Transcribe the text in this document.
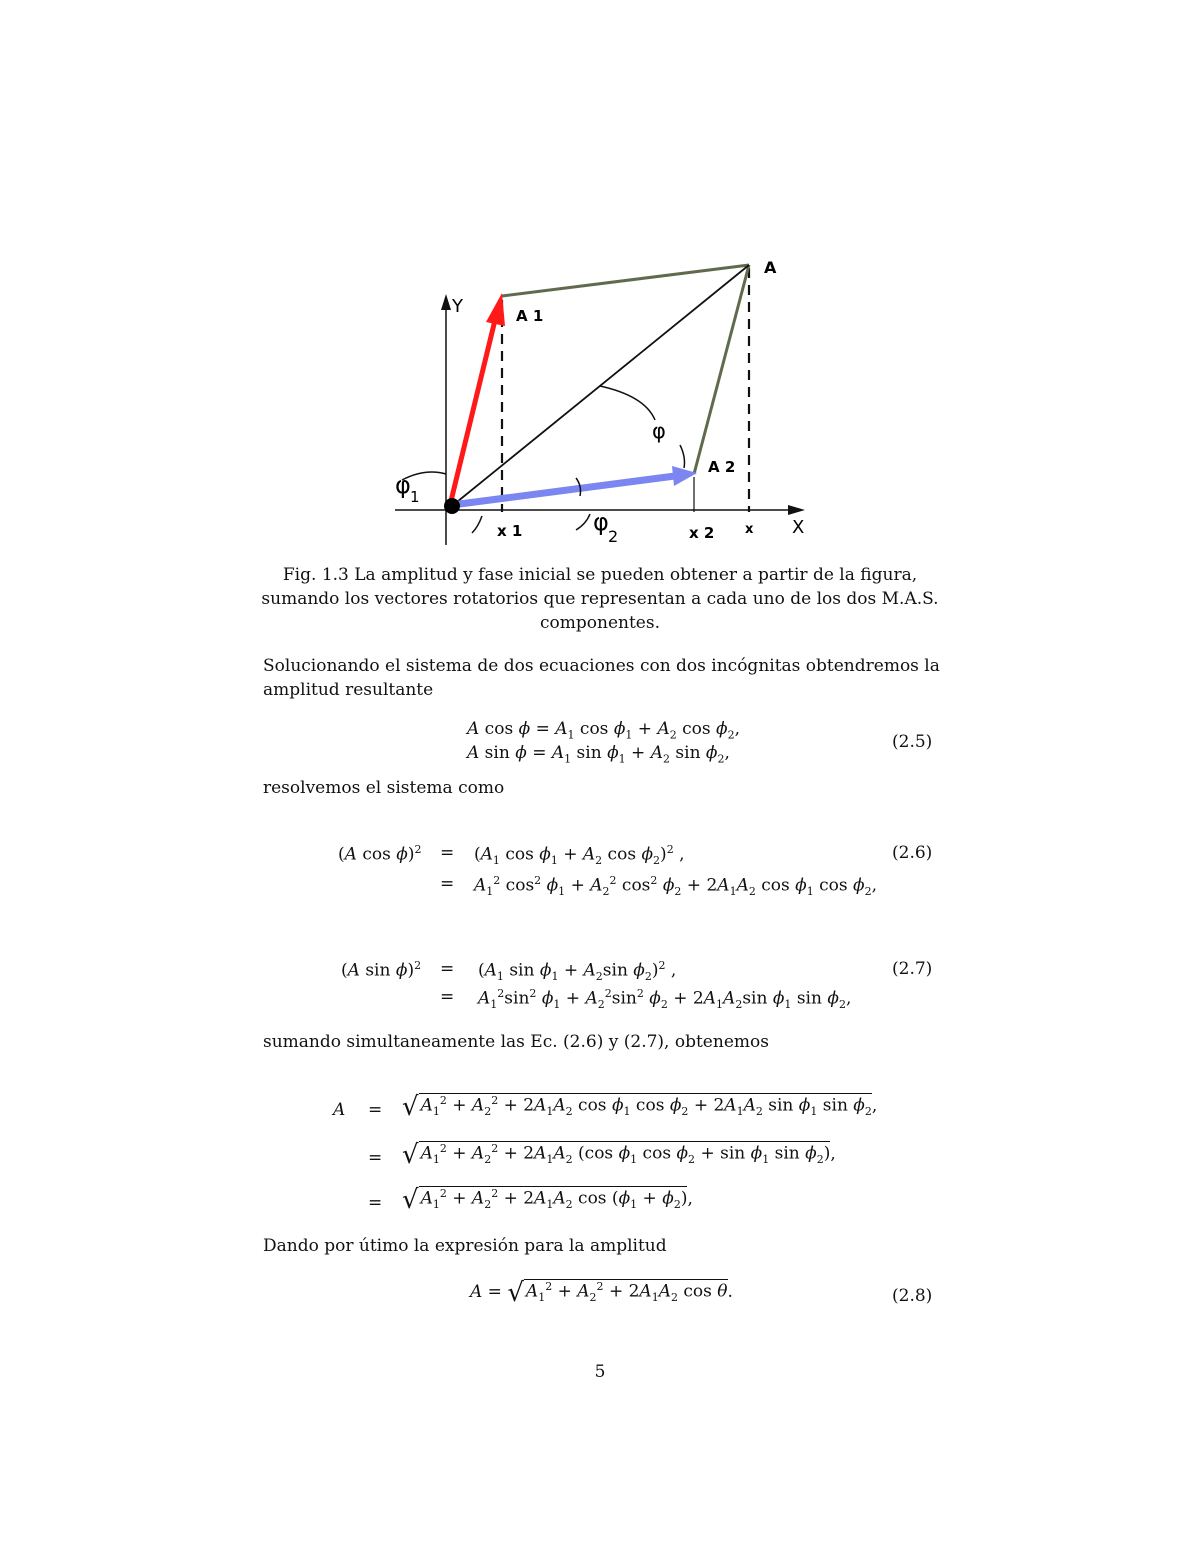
A
A 1
A 2
Y
X
x 1	x 2 x
φ
φ 1
φ
2
Fig. 1.3 La amplitud y fase inicial se pueden obtener a partir de la figura,
sumando los vectores rotatorios que representan a cada uno de los dos M.A.S.
componentes.
Solucionando el sistema de dos ecuaciones con dos incógnitas obtendremos la
amplitud resultante
A $\cos \phi = A_1$ $\cos \phi_1 + A_2$ $\cos \phi_2$,
A $\sin \phi = A_1$ $\sin \phi_1 + A_2$ $\sin \phi_2$,
(2.5)
resolvemos el sistema como
(A $\cos \phi)^2 = (A_1$ $\cos \phi_1 + A_2$ $\cos \phi_2)^2$ ,	(2.6)
= $A_1^2$ $\cos^2 \phi_1 + A_2^2$ $\cos^2 \phi_2 + 2A_1A_2$ $\cos \phi_1$ $\cos \phi_2$,
(A $\sin \phi)^2 = (A_1$ $\sin \phi_1 + A_2\sin$ $\phi_2)^2$ ,	(2.7)
= $A_1^2\sin^2$ $\phi_1 + A_2^2\sin^2$ $\phi_2 + 2A_1A_2\sin$ $\phi_1$ $\sin \phi_2$,
sumando simultaneamente las Ec. (2.6) y (2.7), obtenemos
A = √ $A_1^2 + A_2^2 + 2A_1A_2$ $\cos \phi_1$ $\cos \phi_2 + 2A_1A_2$ $\sin \phi_1$ $\sin \phi_2$,
= √ $A_1^2 + A_2^2 + 2A_1A_2$ (cos $\phi_1$ $\cos \phi_2 + \sin \phi_1$ $\sin \phi_2$),
= √ $A_1^2 + A_2^2 + 2A_1A_2$ $\cos (\phi_1 + \phi_2)$,
Dando por útimo la expresión para la amplitud
A = √ $A_1^2 + A_2^2 + 2A_1A_2$ cos θ.	(2.8)
5
